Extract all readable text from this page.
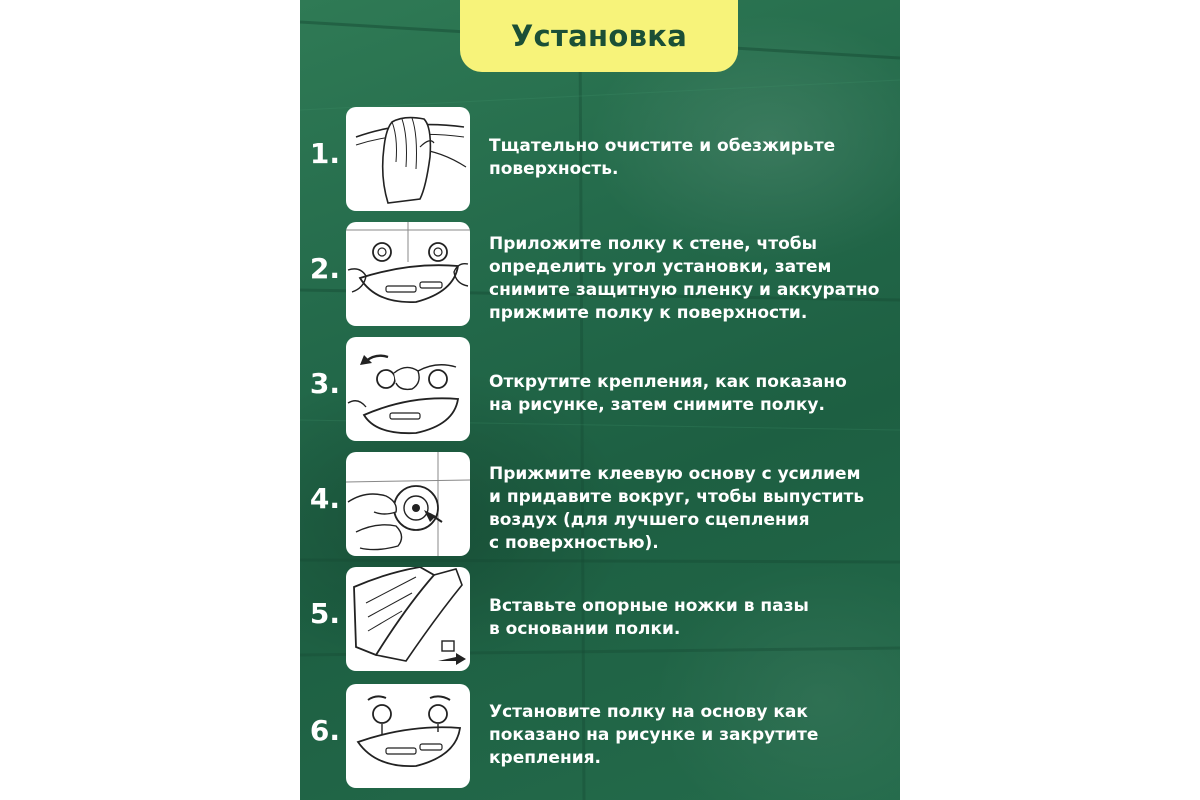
Установка
1.	Тщательно очистите и обезжирьте
поверхность.
2.
Приложите полку к стене, чтобы
определить угол установки, затем
снимите защитную пленку и аккуратно
прижмите полку к поверхности.
3.	Открутите крепления, как показано
на рисунке, затем снимите полку.
4.
Прижмите клеевую основу с усилием
и придавите вокруг, чтобы выпустить
воздух (для лучшего сцепления
с поверхностью).
5.	Вставьте опорные ножки в пазы
в основании полки.
6.
Установите полку на основу как
показано на рисунке и закрутите
крепления.
